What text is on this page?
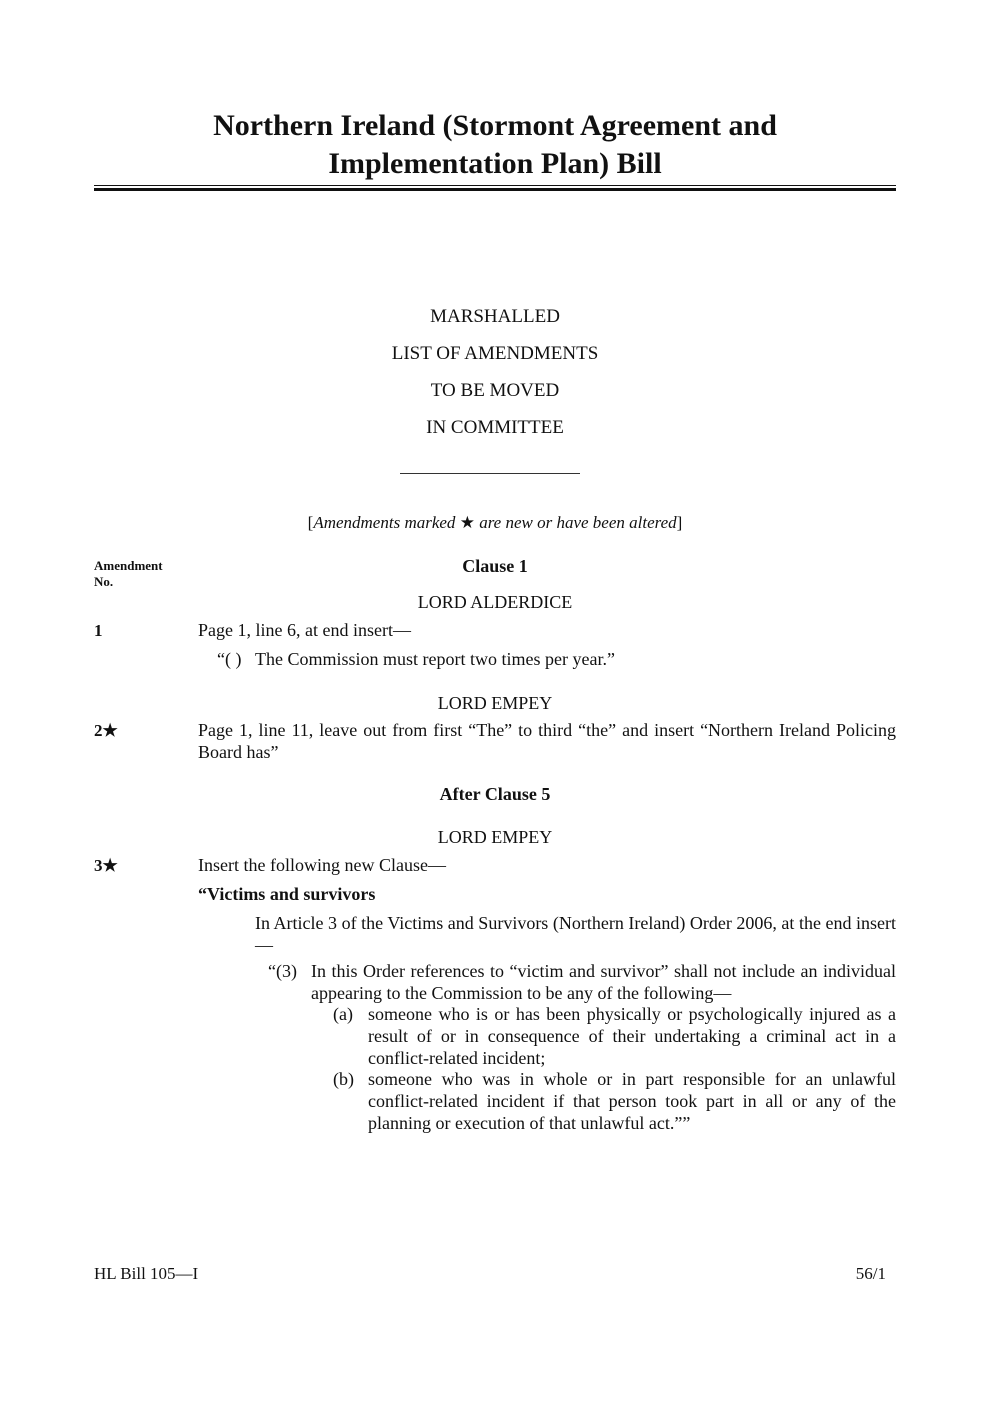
Northern Ireland (Stormont Agreement and
Implementation Plan) Bill
MARSHALLED
LIST OF AMENDMENTS
TO BE MOVED
IN COMMITTEE
[Amendments marked ★ are new or have been altered]
Amendment
No.
Clause 1
LORD ALDERDICE
1	Page 1, line 6, at end insert—
“( ) The Commission must report two times per year.”
LORD EMPEY
2★	Page 1, line 11, leave out from first “The” to third “the” and insert “Northern Ireland Policing Board has”
After Clause 5
LORD EMPEY
3★	Insert the following new Clause—
“Victims and survivors
In Article 3 of the Victims and Survivors (Northern Ireland) Order 2006, at the end insert—
“(3) In this Order references to “victim and survivor” shall not include an individual appearing to the Commission to be any of the following—
(a) someone who is or has been physically or psychologically injured as a result of or in consequence of their undertaking a criminal act in a conflict-related incident;
(b) someone who was in whole or in part responsible for an unlawful conflict-related incident if that person took part in all or any of the planning or execution of that unlawful act.””
HL Bill 105—I	56/1
